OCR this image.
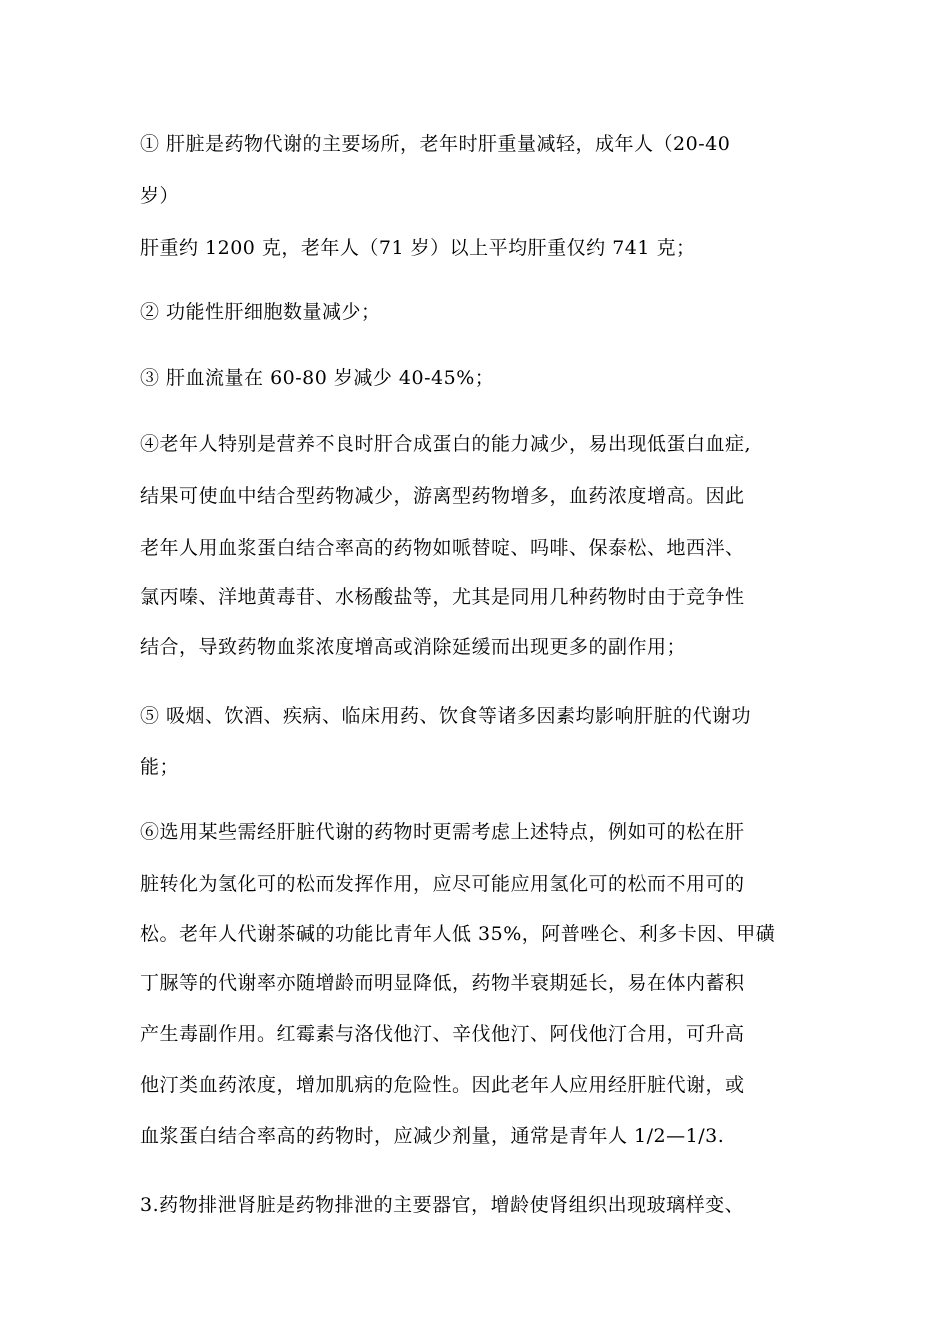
① 肝脏是药物代谢的主要场所，老年时肝重量减轻，成年人（20-40
岁）
肝重约 1200 克，老年人（71 岁）以上平均肝重仅约 741 克；
② 功能性肝细胞数量减少；
③ 肝血流量在 60-80 岁减少 40-45%；
④老年人特别是营养不良时肝合成蛋白的能力减少，易出现低蛋白血症,
结果可使血中结合型药物减少，游离型药物增多，血药浓度增高。因此
老年人用血浆蛋白结合率高的药物如哌替啶、吗啡、保泰松、地西泮、
氯丙嗪、洋地黄毒苷、水杨酸盐等，尤其是同用几种药物时由于竞争性
结合，导致药物血浆浓度增高或消除延缓而出现更多的副作用；
⑤ 吸烟、饮酒、疾病、临床用药、饮食等诸多因素均影响肝脏的代谢功
能；
⑥选用某些需经肝脏代谢的药物时更需考虑上述特点，例如可的松在肝
脏转化为氢化可的松而发挥作用，应尽可能应用氢化可的松而不用可的
松。老年人代谢茶碱的功能比青年人低 35%，阿普唑仑、利多卡因、甲磺
丁脲等的代谢率亦随增龄而明显降低，药物半衰期延长，易在体内蓄积
产生毒副作用。红霉素与洛伐他汀、辛伐他汀、阿伐他汀合用，可升高
他汀类血药浓度，增加肌病的危险性。因此老年人应用经肝脏代谢，或
血浆蛋白结合率高的药物时，应减少剂量，通常是青年人 1/2—1/3.
3.药物排泄肾脏是药物排泄的主要器官，增龄使肾组织出现玻璃样变、
